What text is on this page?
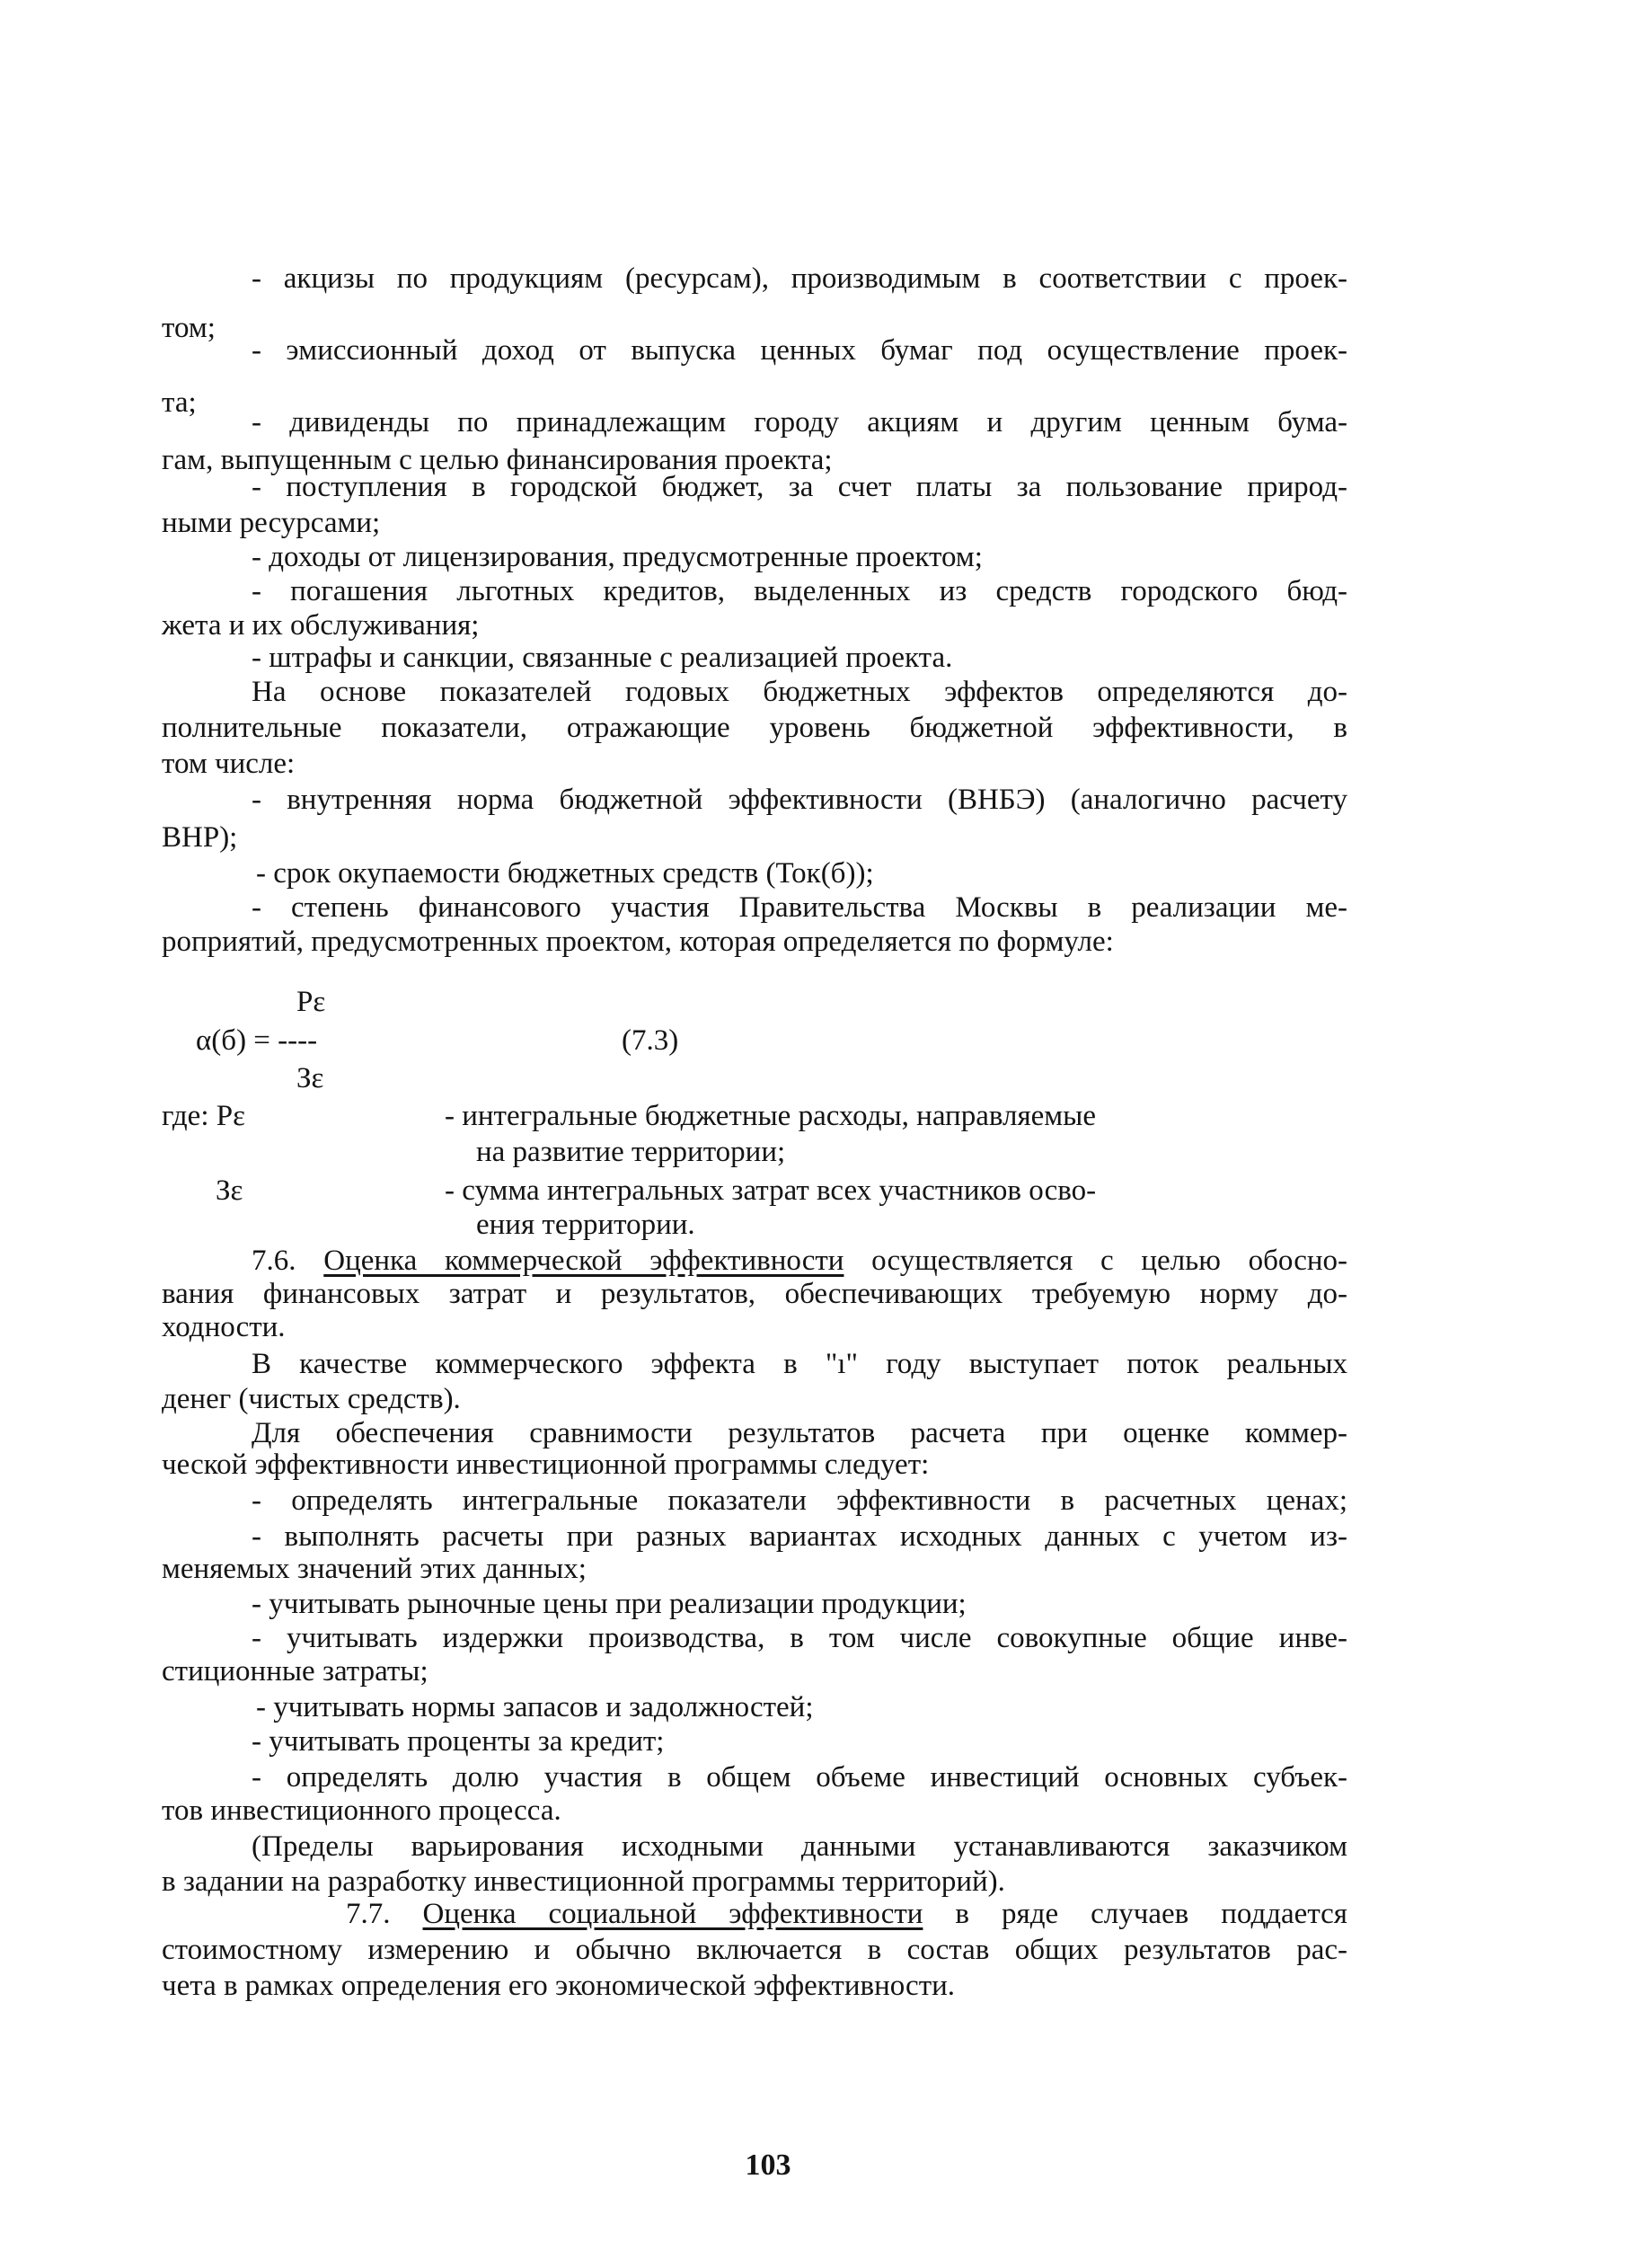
- акцизы по продукциям (ресурсам), производимым в соответствии с проек-

том;

- эмиссионный доход от выпуска ценных бумаг под осуществление проек-

та;

- дивиденды по принадлежащим городу акциям и другим ценным бума-

гам, выпущенным с целью финансирования проекта;

- поступления в городской бюджет, за счет платы за пользование природ-

ными ресурсами;

- доходы от лицензирования, предусмотренные проектом;

- погашения льготных кредитов, выделенных из средств городского бюд-

жета и их обслуживания;

- штрафы и санкции, связанные с реализацией проекта.

На основе показателей годовых бюджетных эффектов определяются до-

полнительные показатели, отражающие уровень бюджетной эффективности, в

том числе:

- внутренняя норма бюджетной эффективности (ВНБЭ) (аналогично расчету

ВНР);

- срок окупаемости бюджетных средств (Ток(б));

- степень финансового участия Правительства Москвы в реализации ме-

роприятий, предусмотренных проектом, которая определяется по формуле:

Pε
α(б) = ----	(7.3)
Зε

где: Pε	- интегральные бюджетные расходы, направляемые

на развитие территории;

Зε	- сумма интегральных затрат всех участников осво-

ения территории.

7.6. Оценка коммерческой эффективности осуществляется с целью обосно-

вания финансовых затрат и результатов, обеспечивающих требуемую норму до-

ходности.

В качестве коммерческого эффекта в "ı" году выступает поток реальных

денег (чистых средств).

Для обеспечения сравнимости результатов расчета при оценке коммер-

ческой эффективности инвестиционной программы следует:

- определять интегральные показатели эффективности в расчетных ценах;

- выполнять расчеты при разных вариантах исходных данных с учетом из-

меняемых значений этих данных;

- учитывать рыночные цены при реализации продукции;

- учитывать издержки производства, в том числе совокупные общие инве-

стиционные затраты;

- учитывать нормы запасов и задолжностей;

- учитывать проценты за кредит;

- определять долю участия в общем объеме инвестиций основных субъек-

тов инвестиционного процесса.

(Пределы варьирования исходными данными устанавливаются заказчиком

в задании на разработку инвестиционной программы территорий).

7.7. Оценка социальной эффективности в ряде случаев поддается

стоимостному измерению и обычно включается в состав общих результатов рас-

чета в рамках определения его экономической эффективности.

103
